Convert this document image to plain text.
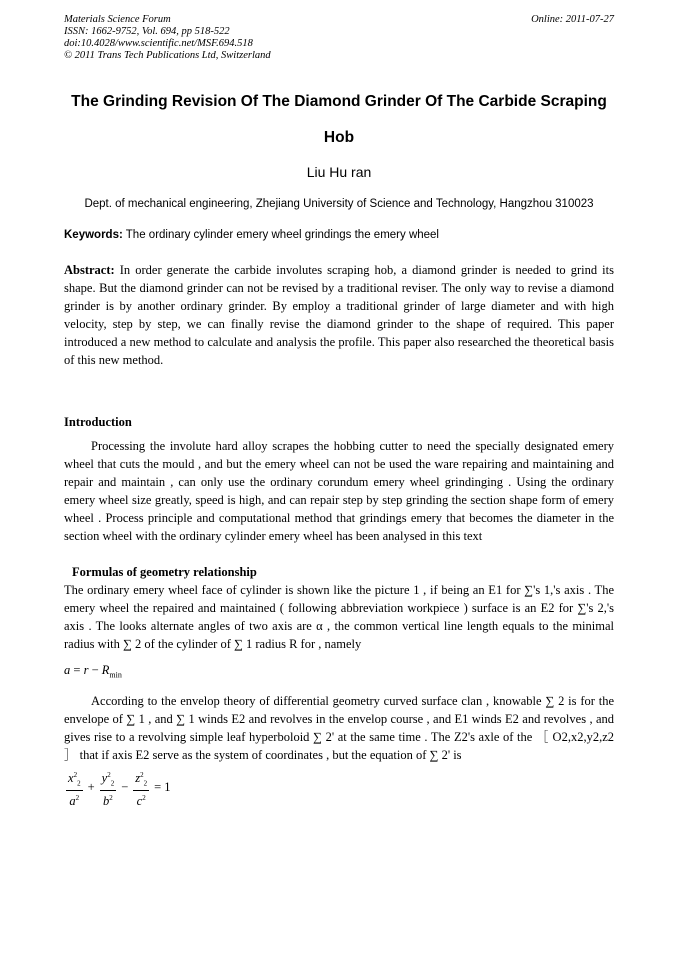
Materials Science Forum
ISSN: 1662-9752, Vol. 694, pp 518-522
doi:10.4028/www.scientific.net/MSF.694.518
© 2011 Trans Tech Publications Ltd, Switzerland
Online: 2011-07-27
The Grinding Revision Of The Diamond Grinder Of The Carbide Scraping Hob
Liu Hu ran
Dept. of mechanical engineering, Zhejiang University of Science and Technology, Hangzhou 310023
Keywords: The ordinary cylinder emery wheel grindings the emery wheel
Abstract: In order generate the carbide involutes scraping hob, a diamond grinder is needed to grind its shape. But the diamond grinder can not be revised by a traditional reviser. The only way to revise a diamond grinder is by another ordinary grinder. By employ a traditional grinder of large diameter and with high velocity, step by step, we can finally revise the diamond grinder to the shape of required. This paper introduced a new method to calculate and analysis the profile. This paper also researched the theoretical basis of this new method.
Introduction
Processing the involute hard alloy scrapes the hobbing cutter to need the specially designated emery wheel that cuts the mould , and but the emery wheel can not be used the ware repairing and maintaining and repair and maintain , can only use the ordinary corundum emery wheel grindinging . Using the ordinary emery wheel size greatly, speed is high, and can repair step by step grinding the section shape form of emery wheel . Process principle and computational method that grindings emery that becomes the diameter in the section wheel with the ordinary cylinder emery wheel has been analysed in this text
Formulas of geometry relationship
The ordinary emery wheel face of cylinder is shown like the picture 1 , if being an E1 for ∑'s 1,'s axis . The emery wheel the repaired and maintained ( following abbreviation workpiece ) surface is an E2 for ∑'s 2,'s axis . The looks alternate angles of two axis are α , the common vertical line length equals to the minimal radius with ∑ 2 of the cylinder of ∑ 1 radius R for , namely
$a = r - R_{min}$
According to the envelop theory of differential geometry curved surface clan , knowable ∑ 2 is for the envelope of ∑ 1 , and ∑ 1 winds E2 and revolves in the envelop course , and E1 winds E2 and revolves , and gives rise to a revolving simple leaf hyperboloid ∑ 2' at the same time . The Z2's axle of the ［ O2,x2,y2,z2 ］ that if axis E2 serve as the system of coordinates , but the equation of ∑ 2' is
$\frac{x^2_2}{a^2} + \frac{y^2_2}{b^2} - \frac{z^2_2}{c^2} = 1$
